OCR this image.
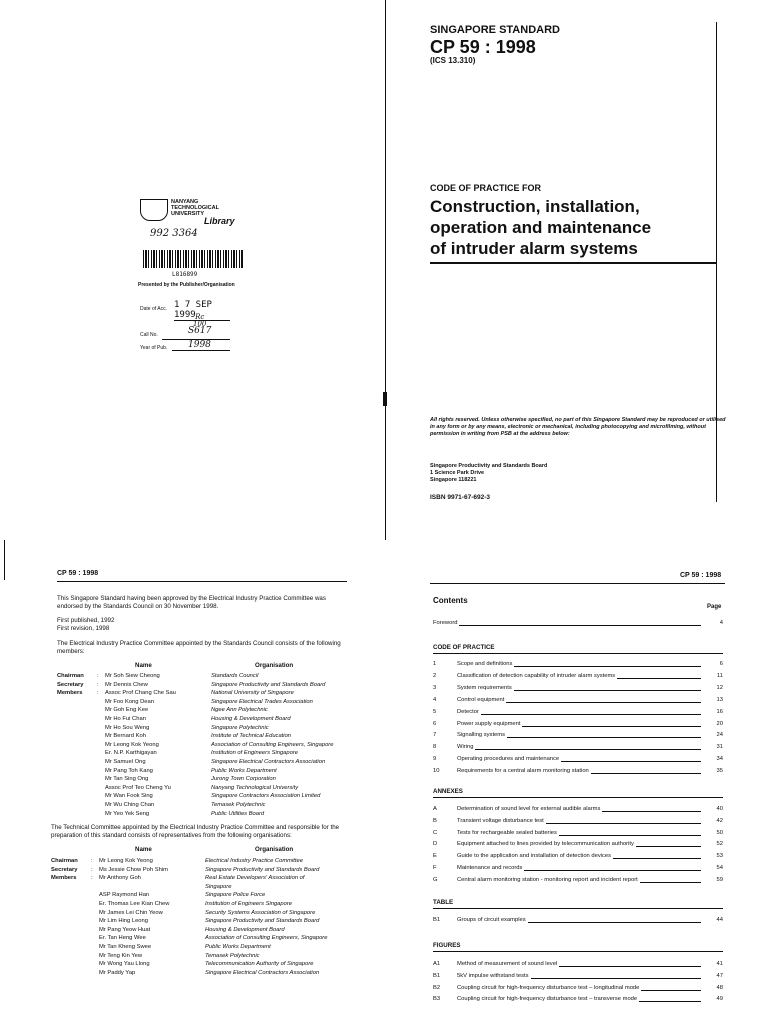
SINGAPORE STANDARD
CP 59 : 1998
(ICS 13.310)
CODE OF PRACTICE FOR
Construction, installation,
operation and maintenance
of intruder alarm systems
All rights reserved. Unless otherwise specified, no part of this Singapore Standard may be reproduced or utilised in any form or by any means, electronic or mechanical, including photocopying and microfilming, without permission in writing from PSB at the address below:
Singapore Productivity and Standards Board
1 Science Park Drive
Singapore 118221
ISBN 9971-67-692-3
NANYANG
TECHNOLOGICAL
UNIVERSITY
Library
992 3364
L816899
Presented by the Publisher/Organisation
Date of Acc. 1 7 SEP 1999
Call No.
Rc
100
S617
Year of Pub. 1998
CP 59 : 1998
This Singapore Standard having been approved by the Electrical Industry Practice Committee was endorsed by the Standards Council on 30 November 1998.
First published, 1992
First revision, 1998
The Electrical Industry Practice Committee appointed by the Standards Council consists of the following members:
Name	Organisation
Chairman	: Mr Soh Siew Cheong	Standards Council
Secretary	: Mr Dennis Chew	Singapore Productivity and Standards Board
Members	: Assoc Prof Chang Che Sau	National University of Singapore
Mr Foo Kong Dean	Singapore Electrical Trades Association
Mr Goh Eng Kee	Ngee Ann Polytechnic
Mr Ho Fui Chan	Housing & Development Board
Mr Ho Sou Weng	Singapore Polytechnic
Mr Bernard Koh	Institute of Technical Education
Mr Leong Kok Yeong	Association of Consulting Engineers, Singapore
Er. N.P. Karthigayan	Institution of Engineers Singapore
Mr Samuel Ong	Singapore Electrical Contractors Association
Mr Pang Toh Kang	Public Works Department
Mr Tan Sing Ong	Jurong Town Corporation
Assoc Prof Teo Cheng Yu	Nanyang Technological University
Mr Wan Fook Sing	Singapore Contractors Association Limited
Mr Wu Ching Chan	Temasek Polytechnic
Mr Yeo Yek Seng	Public Utilities Board
The Technical Committee appointed by the Electrical Industry Practice Committee and responsible for the preparation of this standard consists of representatives from the following organisations:
Name	Organisation
Chairman	: Mr Leong Kok Yeong	Electrical Industry Practice Committee
Secretary	: Ms Jessie Chow Poh Shim	Singapore Productivity and Standards Board
Members	: Mr Anthony Goh	Real Estate Developers' Association of
Singapore
ASP Raymond Han	Singapore Police Force
Er. Thomas Lee Kian Chew	Institution of Engineers Singapore
Mr James Lei Chin Yeow	Security Systems Association of Singapore
Mr Lim Hing Leong	Singapore Productivity and Standards Board
Mr Pang Yeow Huat	Housing & Development Board
Er. Tan Heng Wee	Association of Consulting Engineers, Singapore
Mr Tan Kheng Swee	Public Works Department
Mr Teng Kin Yew	Temasek Polytechnic
Mr Wong Yau Llong	Telecommunication Authority of Singapore
Mr Paddy Yap	Singapore Electrical Contractors Association
CP 59 : 1998
Contents
Page
Foreword	4
CODE OF PRACTICE
1	Scope and definitions	6
2	Classification of detection capability of intruder alarm systems	11
3	System requirements	12
4	Control equipment	13
5	Detector	16
6	Power supply equipment	20
7	Signalling systems	24
8	Wiring	31
9	Operating procedures and maintenance	34
10	Requirements for a central alarm monitoring station	35
ANNEXES
A	Determination of sound level for external audible alarms	40
B	Transient voltage disturbance test	42
C	Tests for rechargeable sealed batteries	50
D	Equipment attached to lines provided by telecommunication authority	52
E	Guide to the application and installation of detection devices	53
F	Maintenance and records	54
G	Central alarm monitoring station - monitoring report and incident report	59
TABLE
B1	Groups of circuit examples	44
FIGURES
A1	Method of measurement of sound level	41
B1	5kV impulse withstand tests	47
B2	Coupling circuit for high-frequency disturbance test – longitudinal mode	48
B3	Coupling circuit for high-frequency disturbance test – transverse mode	49
